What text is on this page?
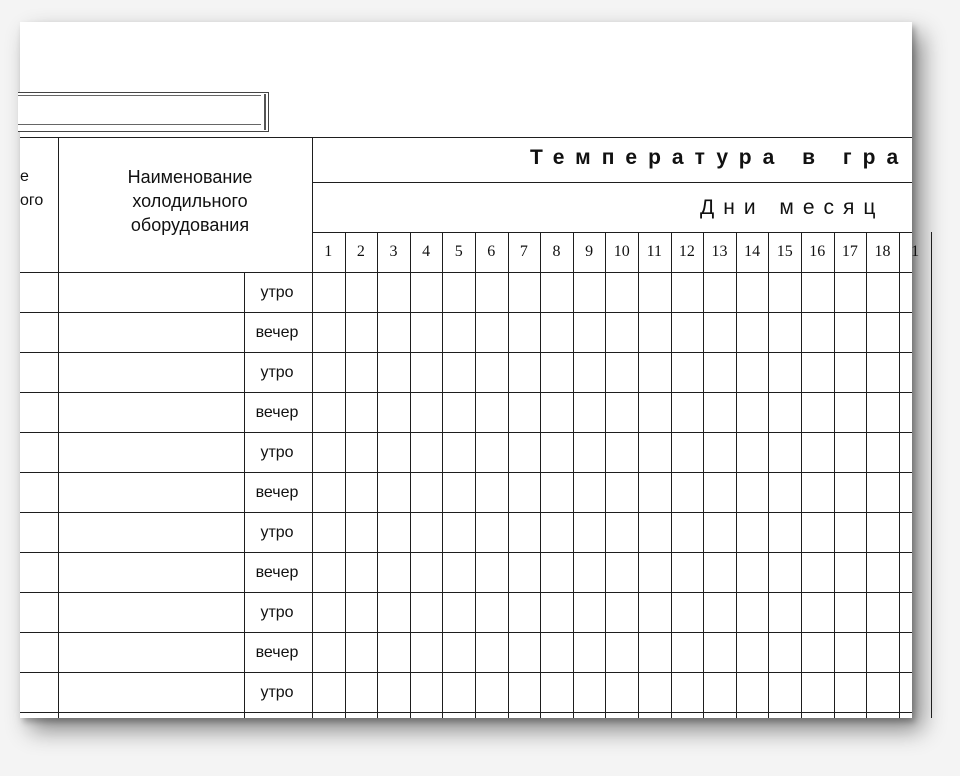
е
ого
Наименование
холодильного
оборудования
Температура в гра
Дни месяц
1	2	3	4	5	6	7	8	9	10	11	12	13	14	15	16	17	18	1
утро
вечер
утро
вечер
утро
вечер
утро
вечер
утро
вечер
утро
